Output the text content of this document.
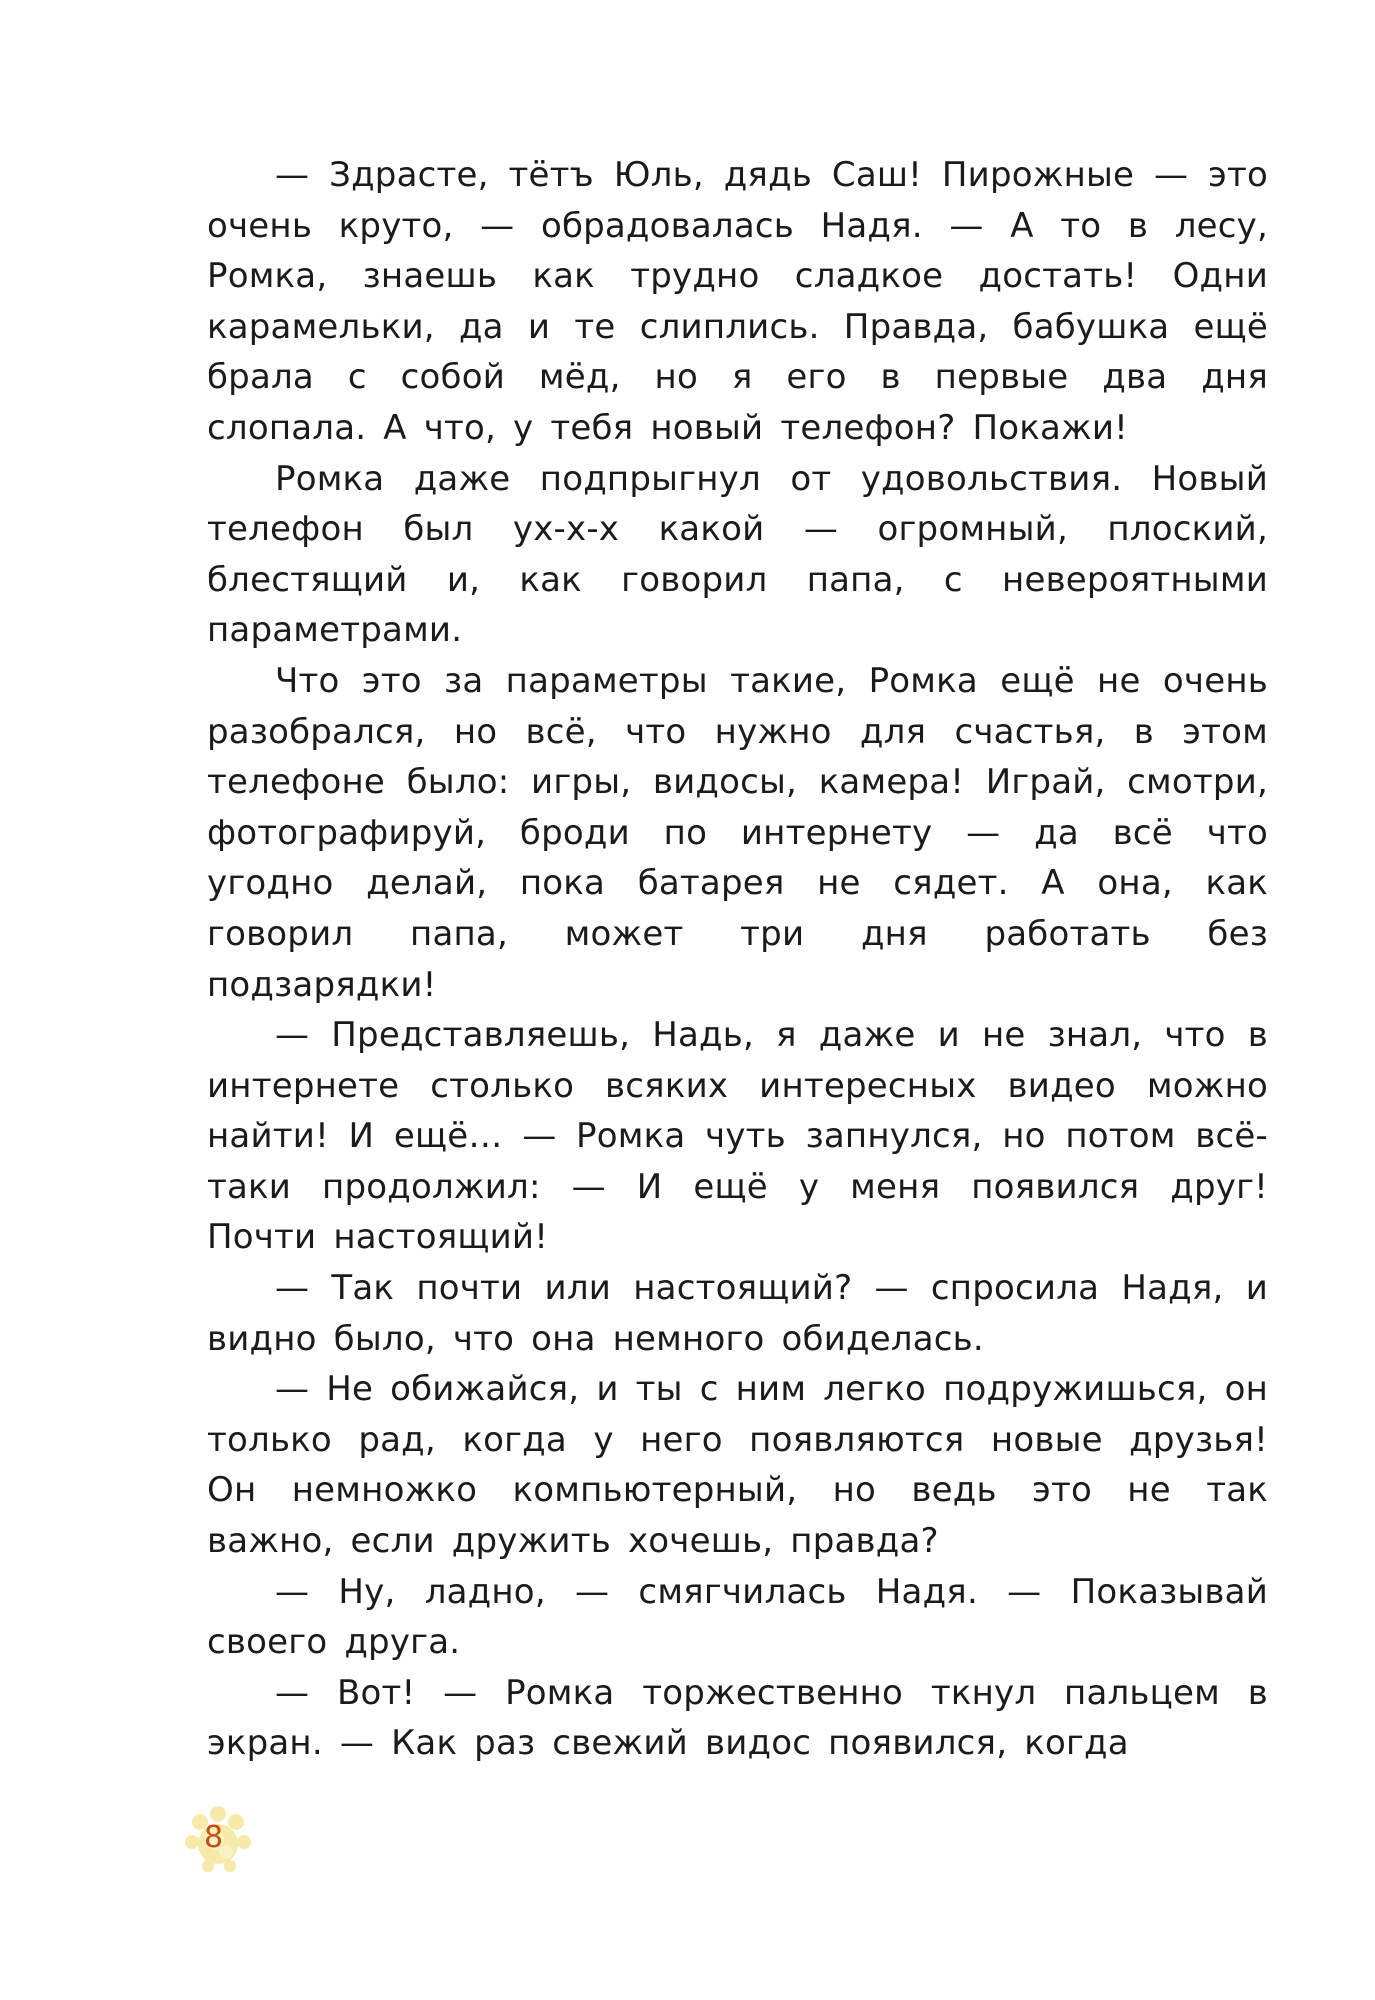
— Здрасте, тётъ Юль, дядь Саш! Пирожные — это очень круто, — обрадовалась Надя. — А то в лесу, Ромка, знаешь как трудно сладкое достать! Одни карамельки, да и те слиплись. Правда, бабушка ещё брала с собой мёд, но я его в первые два дня слопала. А что, у тебя новый телефон? Покажи!

Ромка даже подпрыгнул от удовольствия. Новый телефон был ух-х-х какой — огромный, плоский, блестящий и, как говорил папа, с невероятными параметрами.

Что это за параметры такие, Ромка ещё не очень разобрался, но всё, что нужно для счастья, в этом телефоне было: игры, видосы, камера! Играй, смотри, фотографируй, броди по интернету — да всё что угодно делай, пока батарея не сядет. А она, как говорил папа, может три дня работать без подзарядки!

— Представляешь, Надь, я даже и не знал, что в интернете столько всяких интересных видео можно найти! И ещё… — Ромка чуть запнулся, но потом всё-таки продолжил: — И ещё у меня появился друг! Почти настоящий!

— Так почти или настоящий? — спросила Надя, и видно было, что она немного обиделась.

— Не обижайся, и ты с ним легко подружишься, он только рад, когда у него появляются новые друзья! Он немножко компьютерный, но ведь это не так важно, если дружить хочешь, правда?

— Ну, ладно, — смягчилась Надя. — Показывай своего друга.

— Вот! — Ромка торжественно ткнул пальцем в экран. — Как раз свежий видос появился, когда

8
